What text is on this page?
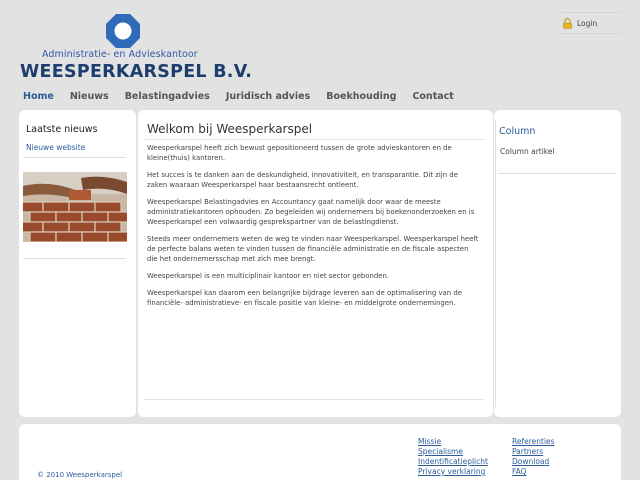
Administratie- en Advieskantoor
WEESPERKARSPEL B.V.
Login
Home Nieuws Belastingadvies Juridisch advies Boekhouding Contact
Laatste nieuws
Nieuwe website
Welkom bij Weesperkarspel

Weesperkarspel heeft zich bewust gepositioneerd tussen de grote advieskantoren en de kleine(thuis) kantoren.

Het succes is te danken aan de deskundigheid, innovativiteit, en transparantie. Dit zijn de zaken waaraan Weesperkarspel haar bestaansrecht ontleent.

Weesperkarspel Belastingadvies en Accountancy gaat namelijk door waar de meeste administratiekantoren ophouden. Zo begeleiden wij ondernemers bij boekenonderzoeken en is Weesperkarspel een volwaardig gesprekspartner van de belastingdienst.

Steeds meer ondernemers weten de weg te vinden naar Weesperkarspel. Weesperkarspel heeft de perfecte balans weten te vinden tussen de financiële administratie en de fiscale aspecten die het ondernemersschap met zich mee brengt.

Weesperkarspel is een multiciplinair kantoor en niet sector gebonden.

Weesperkarspel kan daarom een belangrijke bijdrage leveren aan de optimalisering van de financiële- administratieve- en fiscale positie van kleine- en middelgrote ondernemingen.

Column
Column artikel
© 2010 Weesperkarspel
Missie
Specialisme
Indentificatieplicht
Privacy verklaring
Referenties
Partners
Download
FAQ
